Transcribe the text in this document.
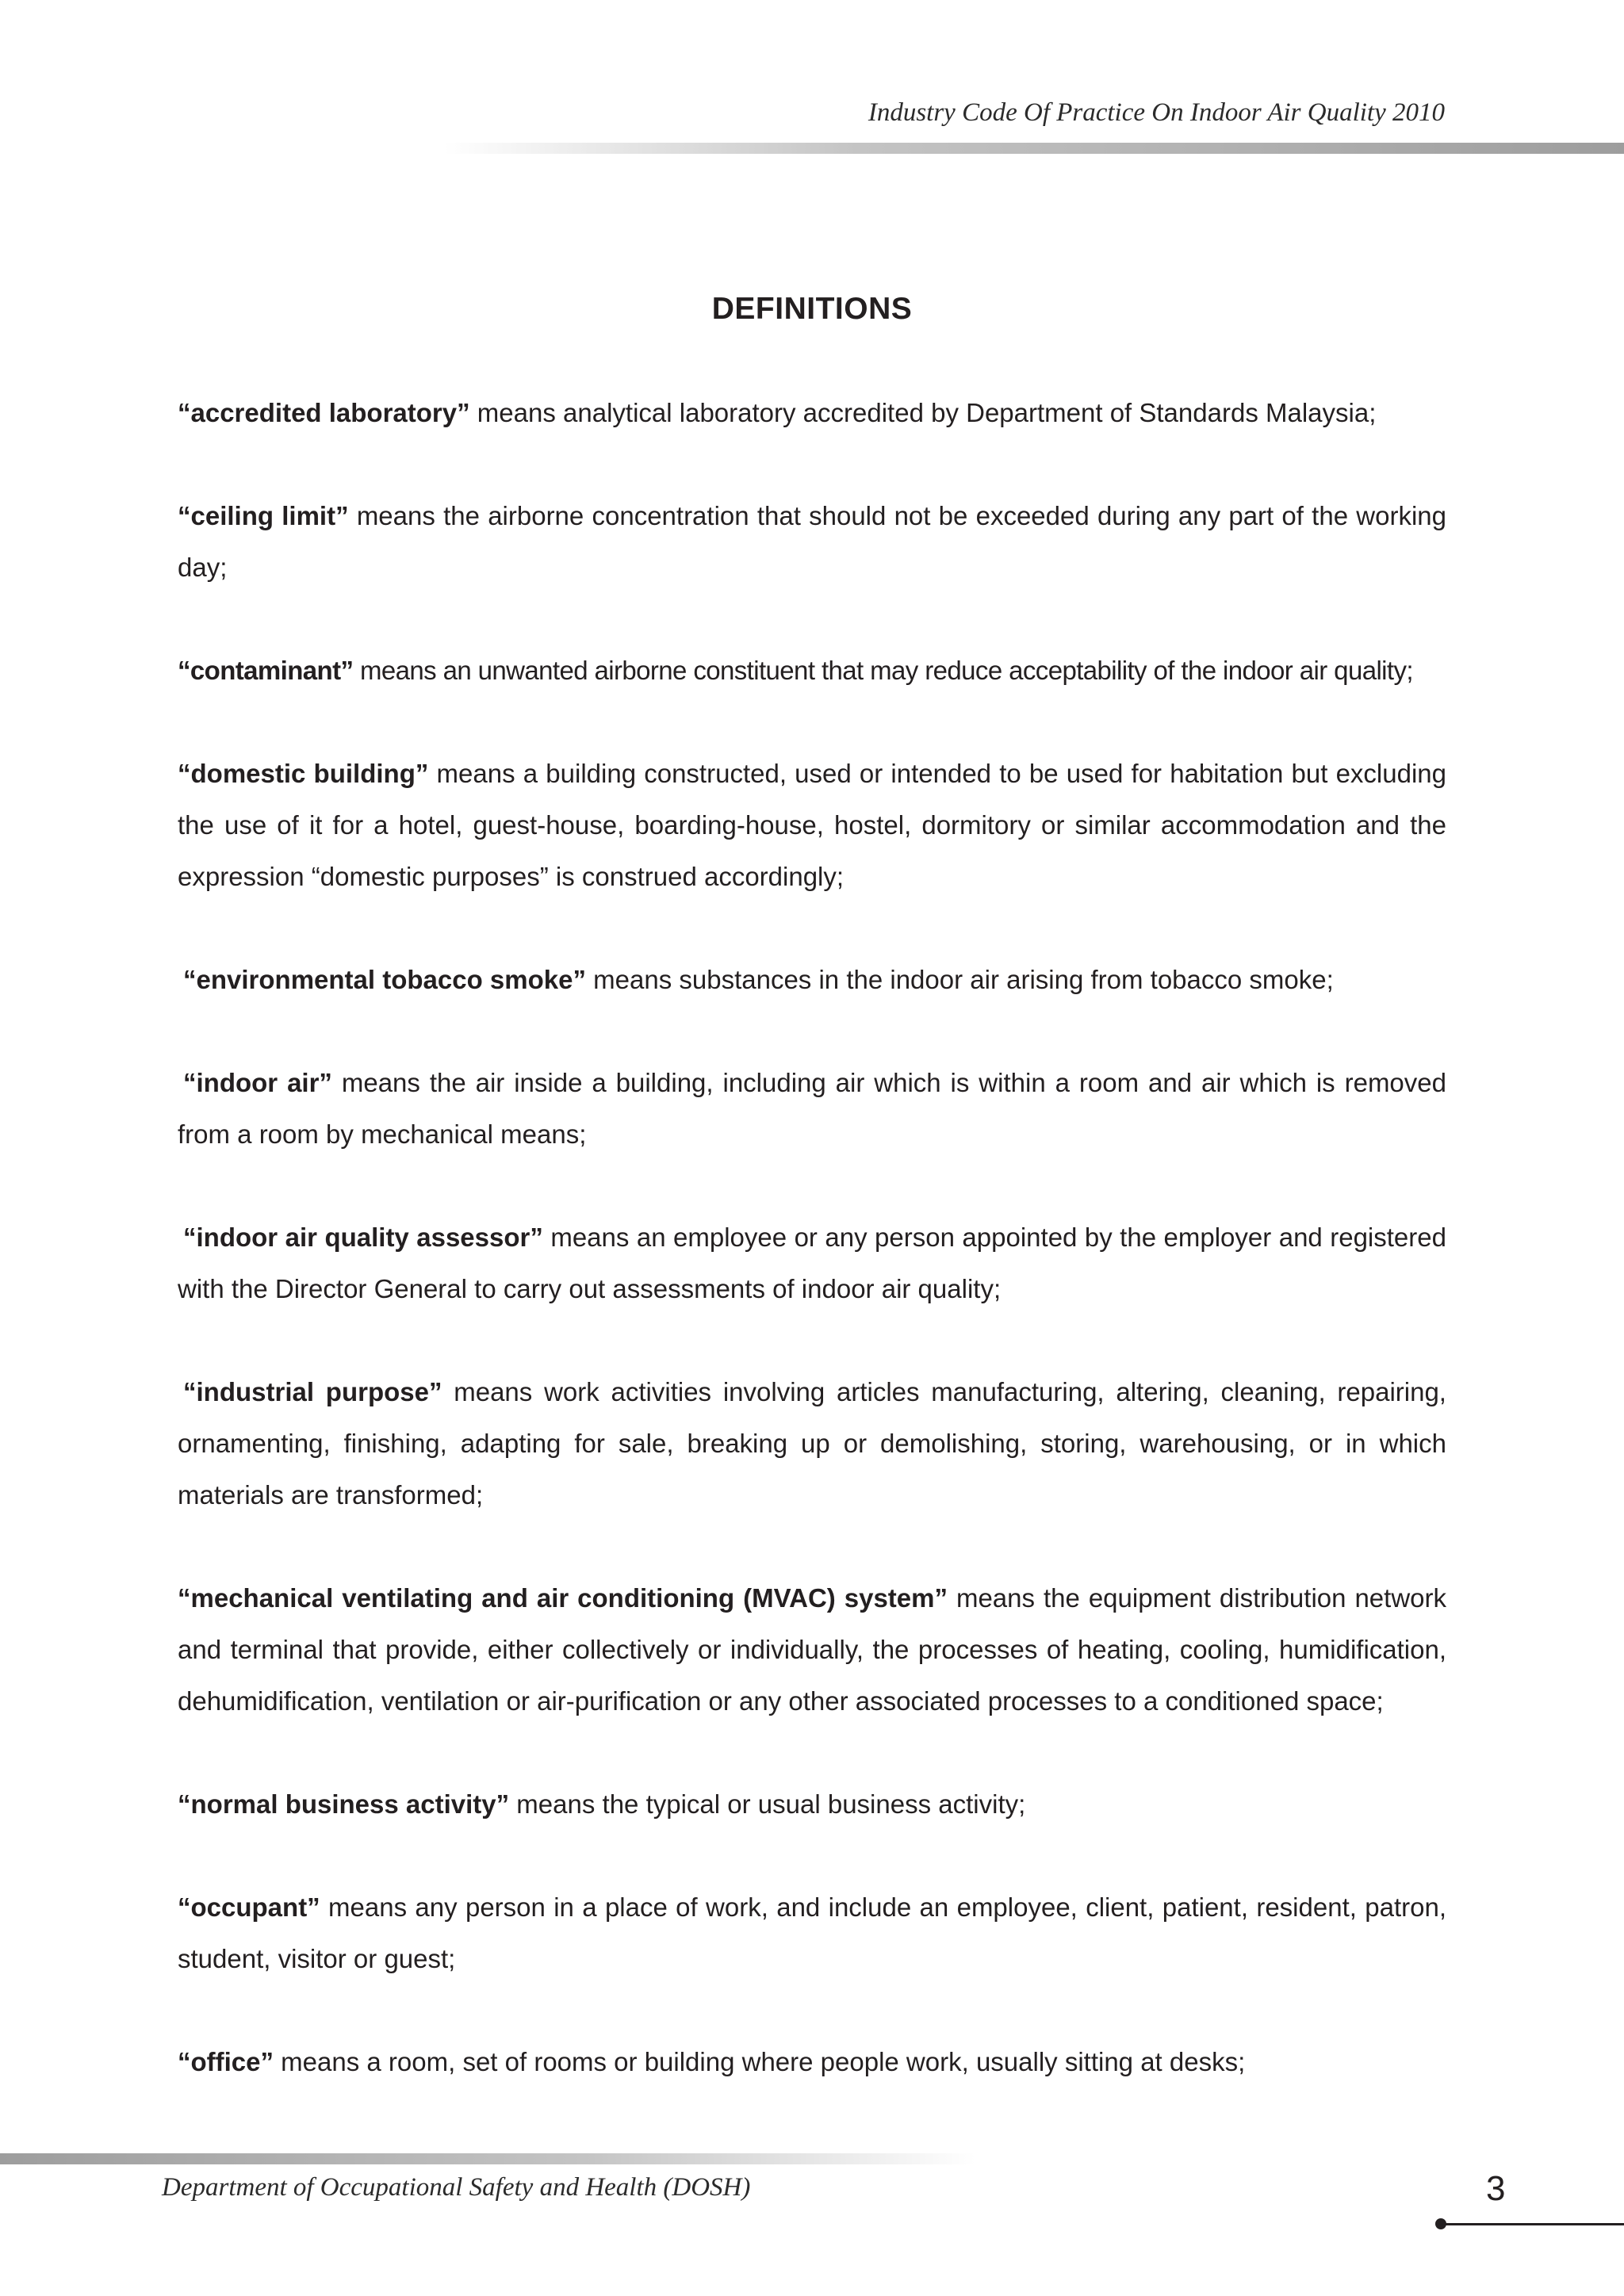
Industry Code Of Practice On Indoor Air Quality 2010
DEFINITIONS

“accredited laboratory” means analytical laboratory accredited by Department of Standards Malaysia;

“ceiling limit” means the airborne concentration that should not be exceeded during any part of the working day;

“contaminant” means an unwanted airborne constituent that may reduce acceptability of the indoor air quality;

“domestic building” means a building constructed, used or intended to be used for habitation but excluding the use of it for a hotel, guest-house, boarding-house, hostel, dormitory or similar accommodation and the expression “domestic purposes” is construed accordingly;

“environmental tobacco smoke” means substances in the indoor air arising from tobacco smoke;

“indoor air” means the air inside a building, including air which is within a room and air which is removed from a room by mechanical means;

“indoor air quality assessor” means an employee or any person appointed by the employer and registered with the Director General to carry out assessments of indoor air quality;

“industrial purpose” means work activities involving articles manufacturing, altering, cleaning, repairing, ornamenting, finishing, adapting for sale, breaking up or demolishing, storing, warehousing, or in which materials are transformed;

“mechanical ventilating and air conditioning (MVAC) system” means the equipment distribution network and terminal that provide, either collectively or individually, the processes of heating, cooling, humidification, dehumidification, ventilation or air-purification or any other associated processes to a conditioned space;

“normal business activity” means the typical or usual business activity;

“occupant” means any person in a place of work, and include an employee, client, patient, resident, patron, student, visitor or guest;

“office” means a room, set of rooms or building where people work, usually sitting at desks;

Department of Occupational Safety and Health (DOSH)	3
